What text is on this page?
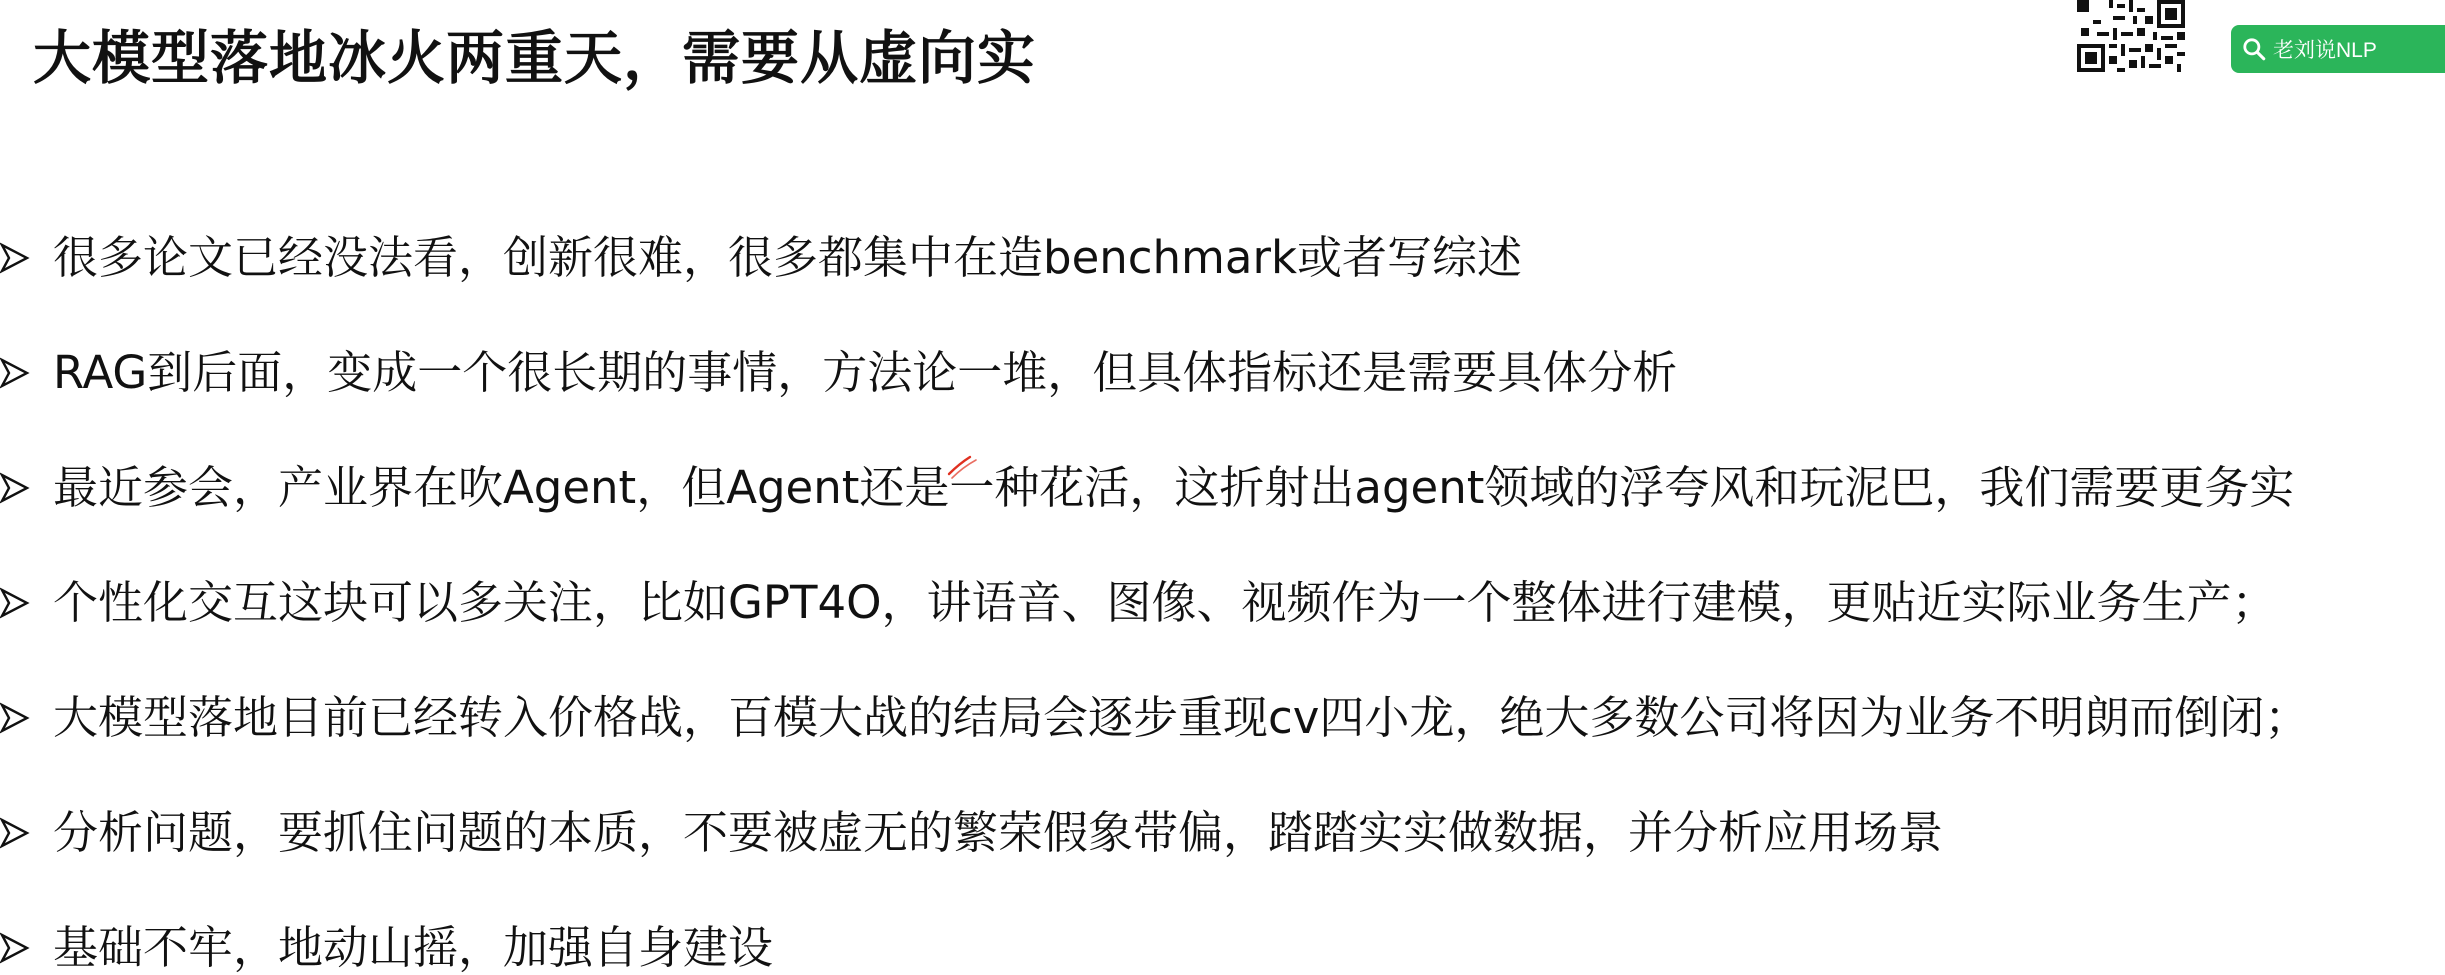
大模型落地冰火两重天，需要从虚向实	老刘说NLP
很多论文已经没法看，创新很难，很多都集中在造benchmark或者写综述
RAG到后面，变成一个很长期的事情，方法论一堆，但具体指标还是需要具体分析
最近参会，产业界在吹Agent，但Agent还是一种花活，这折射出agent领域的浮夸风和玩泥巴，我们需要更务实
个性化交互这块可以多关注，比如GPT4O，讲语音、图像、视频作为一个整体进行建模，更贴近实际业务生产；
大模型落地目前已经转入价格战，百模大战的结局会逐步重现cv四小龙，绝大多数公司将因为业务不明朗而倒闭；
分析问题，要抓住问题的本质，不要被虚无的繁荣假象带偏，踏踏实实做数据，并分析应用场景
基础不牢，地动山摇，加强自身建设
